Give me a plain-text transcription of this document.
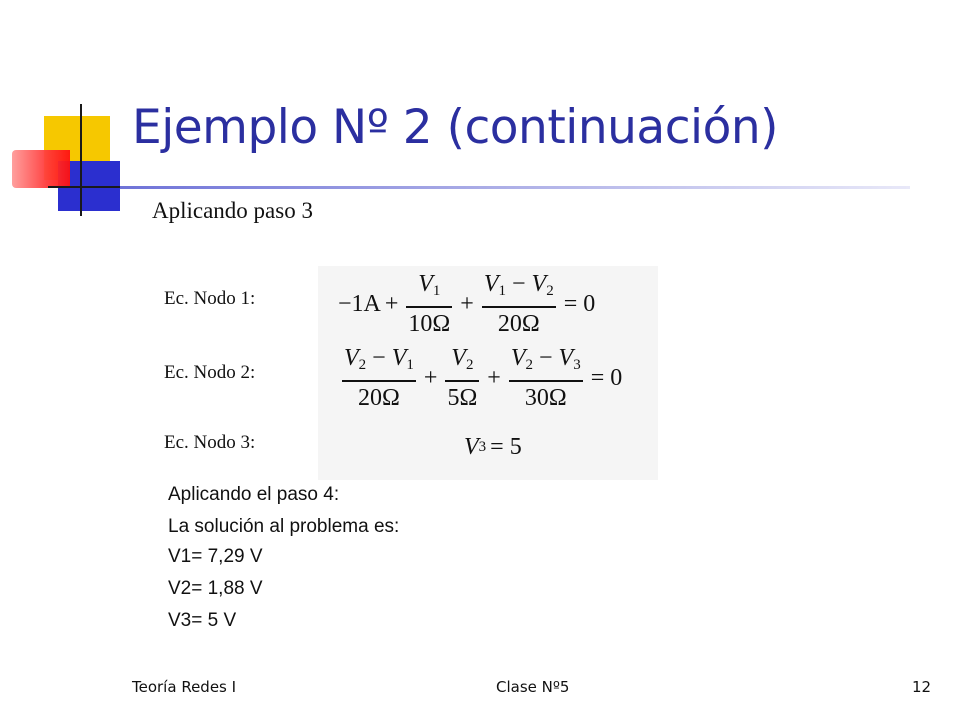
Ejemplo Nº 2 (continuación)
Aplicando paso 3
Ec. Nodo 1:	$-1A + \frac{V_1}{10\Omega} + \frac{V_1 - V_2}{20\Omega} = 0$
Ec. Nodo 2:	$\frac{V_2 - V_1}{20\Omega} + \frac{V_2}{5\Omega} + \frac{V_2 - V_3}{30\Omega} = 0$
Ec. Nodo 3:	V 3 = 5
Aplicando el paso 4:
La solución al problema es:
V1= 7,29 V
V2= 1,88 V
V3= 5 V
Teoría Redes I	Clase Nº5	12
